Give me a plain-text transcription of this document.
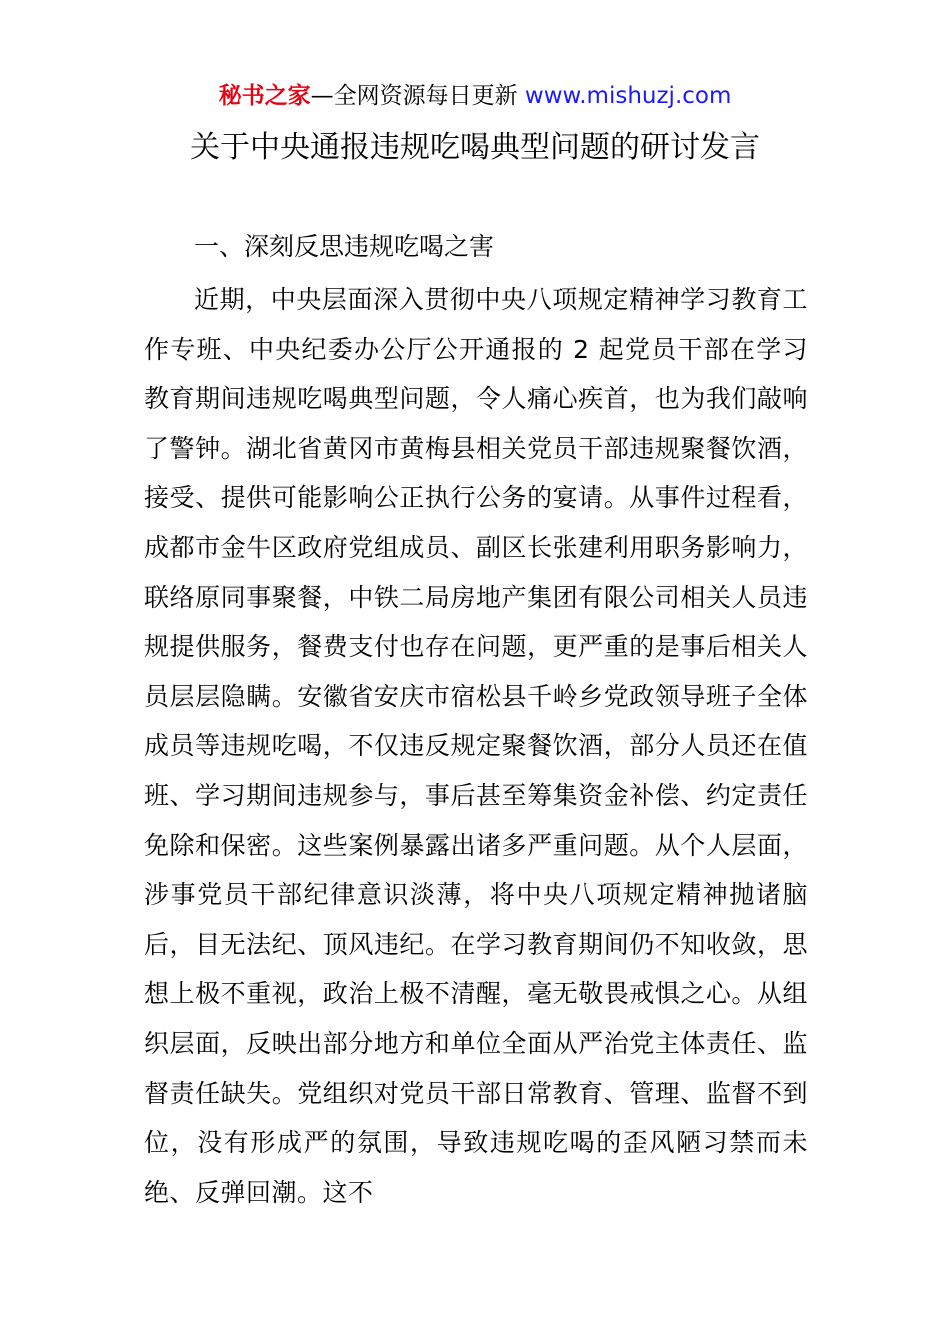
秘书之家—全网资源每日更新 www.mishuzj.com
关于中央通报违规吃喝典型问题的研讨发言
一、深刻反思违规吃喝之害

近期，中央层面深入贯彻中央八项规定精神学习教育工作专班、中央纪委办公厅公开通报的 2 起党员干部在学习教育期间违规吃喝典型问题，令人痛心疾首，也为我们敲响了警钟。湖北省黄冈市黄梅县相关党员干部违规聚餐饮酒，接受、提供可能影响公正执行公务的宴请。从事件过程看，成都市金牛区政府党组成员、副区长张建利用职务影响力，联络原同事聚餐，中铁二局房地产集团有限公司相关人员违规提供服务，餐费支付也存在问题，更严重的是事后相关人员层层隐瞒。安徽省安庆市宿松县千岭乡党政领导班子全体成员等违规吃喝，不仅违反规定聚餐饮酒，部分人员还在值班、学习期间违规参与，事后甚至筹集资金补偿、约定责任免除和保密。这些案例暴露出诸多严重问题。从个人层面，涉事党员干部纪律意识淡薄，将中央八项规定精神抛诸脑后，目无法纪、顶风违纪。在学习教育期间仍不知收敛，思想上极不重视，政治上极不清醒，毫无敬畏戒惧之心。从组织层面，反映出部分地方和单位全面从严治党主体责任、监督责任缺失。党组织对党员干部日常教育、管理、监督不到位，没有形成严的氛围，导致违规吃喝的歪风陋习禁而未绝、反弹回潮。这不
